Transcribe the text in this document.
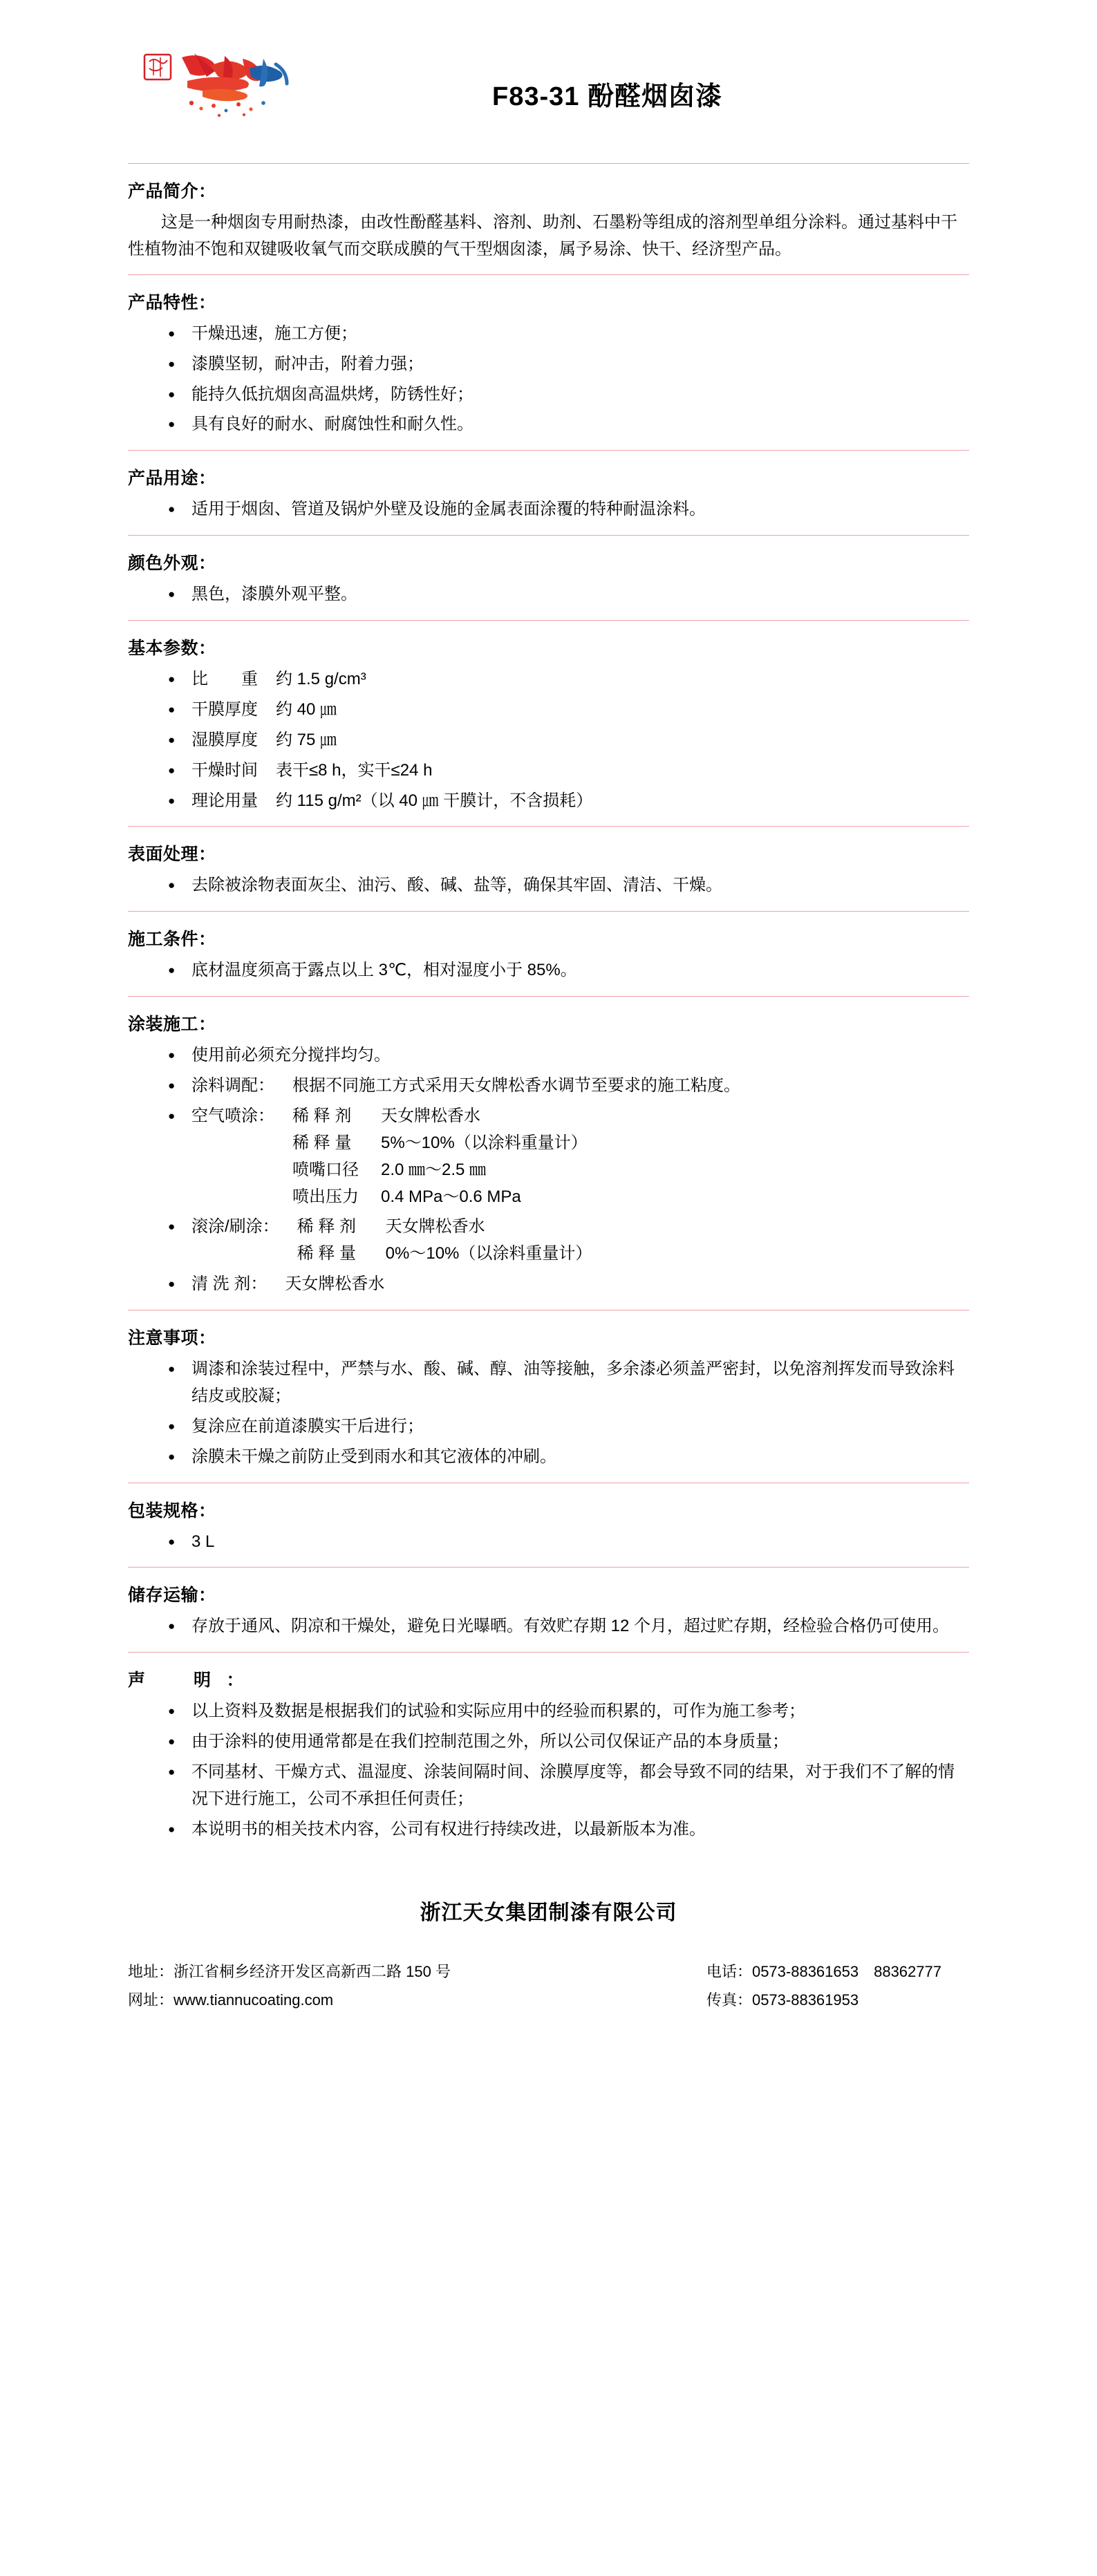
F83-31 酚醛烟囱漆
产品简介：

这是一种烟囱专用耐热漆，由改性酚醛基料、溶剂、助剂、石墨粉等组成的溶剂型单组分涂料。通过基料中干性植物油不饱和双键吸收氧气而交联成膜的气干型烟囱漆，属予易涂、快干、经济型产品。

产品特性：
● 干燥迅速，施工方便；
● 漆膜坚韧，耐冲击，附着力强；
● 能持久低抗烟囱高温烘烤，防锈性好；
● 具有良好的耐水、耐腐蚀性和耐久性。
产品用途：
● 适用于烟囱、管道及锅炉外壁及设施的金属表面涂覆的特种耐温涂料。
颜色外观：
● 黑色，漆膜外观平整。
基本参数：
● 比　　重	约 1.5 g/cm³
● 干膜厚度	约 40 ㎛
● 湿膜厚度	约 75 ㎛
● 干燥时间	表干≤8 h，实干≤24 h
● 理论用量	约 115 g/m²（以 40 ㎛ 干膜计，不含损耗）
表面处理：
● 去除被涂物表面灰尘、油污、酸、碱、盐等，确保其牢固、清洁、干燥。
施工条件：
● 底材温度须高于露点以上 3℃，相对湿度小于 85%。
涂装施工：
● 使用前必须充分搅拌均匀。
● 涂料调配：	根据不同施工方式采用天女牌松香水调节至要求的施工粘度。
● 空气喷涂： 稀 释 剂	天女牌松香水
稀 释 量	5%～10%（以涂料重量计）
喷嘴口径	2.0 ㎜～2.5 ㎜
喷出压力	0.4 MPa～0.6 MPa
● 滚涂/刷涂： 稀 释 剂	天女牌松香水
稀 释 量	0%～10%（以涂料重量计）
● 清 洗 剂：	天女牌松香水
注意事项：
● 调漆和涂装过程中，严禁与水、酸、碱、醇、油等接触，多余漆必须盖严密封，以免溶剂挥发而导致涂料结皮或胶凝；
● 复涂应在前道漆膜实干后进行；
● 涂膜未干燥之前防止受到雨水和其它液体的冲刷。
包装规格：
● 3 L
储存运输：
● 存放于通风、阴凉和干燥处，避免日光曝晒。有效贮存期 12 个月，超过贮存期，经检验合格仍可使用。
声　明：
● 以上资料及数据是根据我们的试验和实际应用中的经验而积累的，可作为施工参考；
● 由于涂料的使用通常都是在我们控制范围之外，所以公司仅保证产品的本身质量；
● 不同基材、干燥方式、温湿度、涂装间隔时间、涂膜厚度等，都会导致不同的结果，对于我们不了解的情况下进行施工，公司不承担任何责任；
● 本说明书的相关技术内容，公司有权进行持续改进，以最新版本为准。
浙江天女集团制漆有限公司
地址：浙江省桐乡经济开发区高新西二路 150 号
网址：www.tiannucoating.com
电话：0573-88361653　88362777
传真：0573-88361953
